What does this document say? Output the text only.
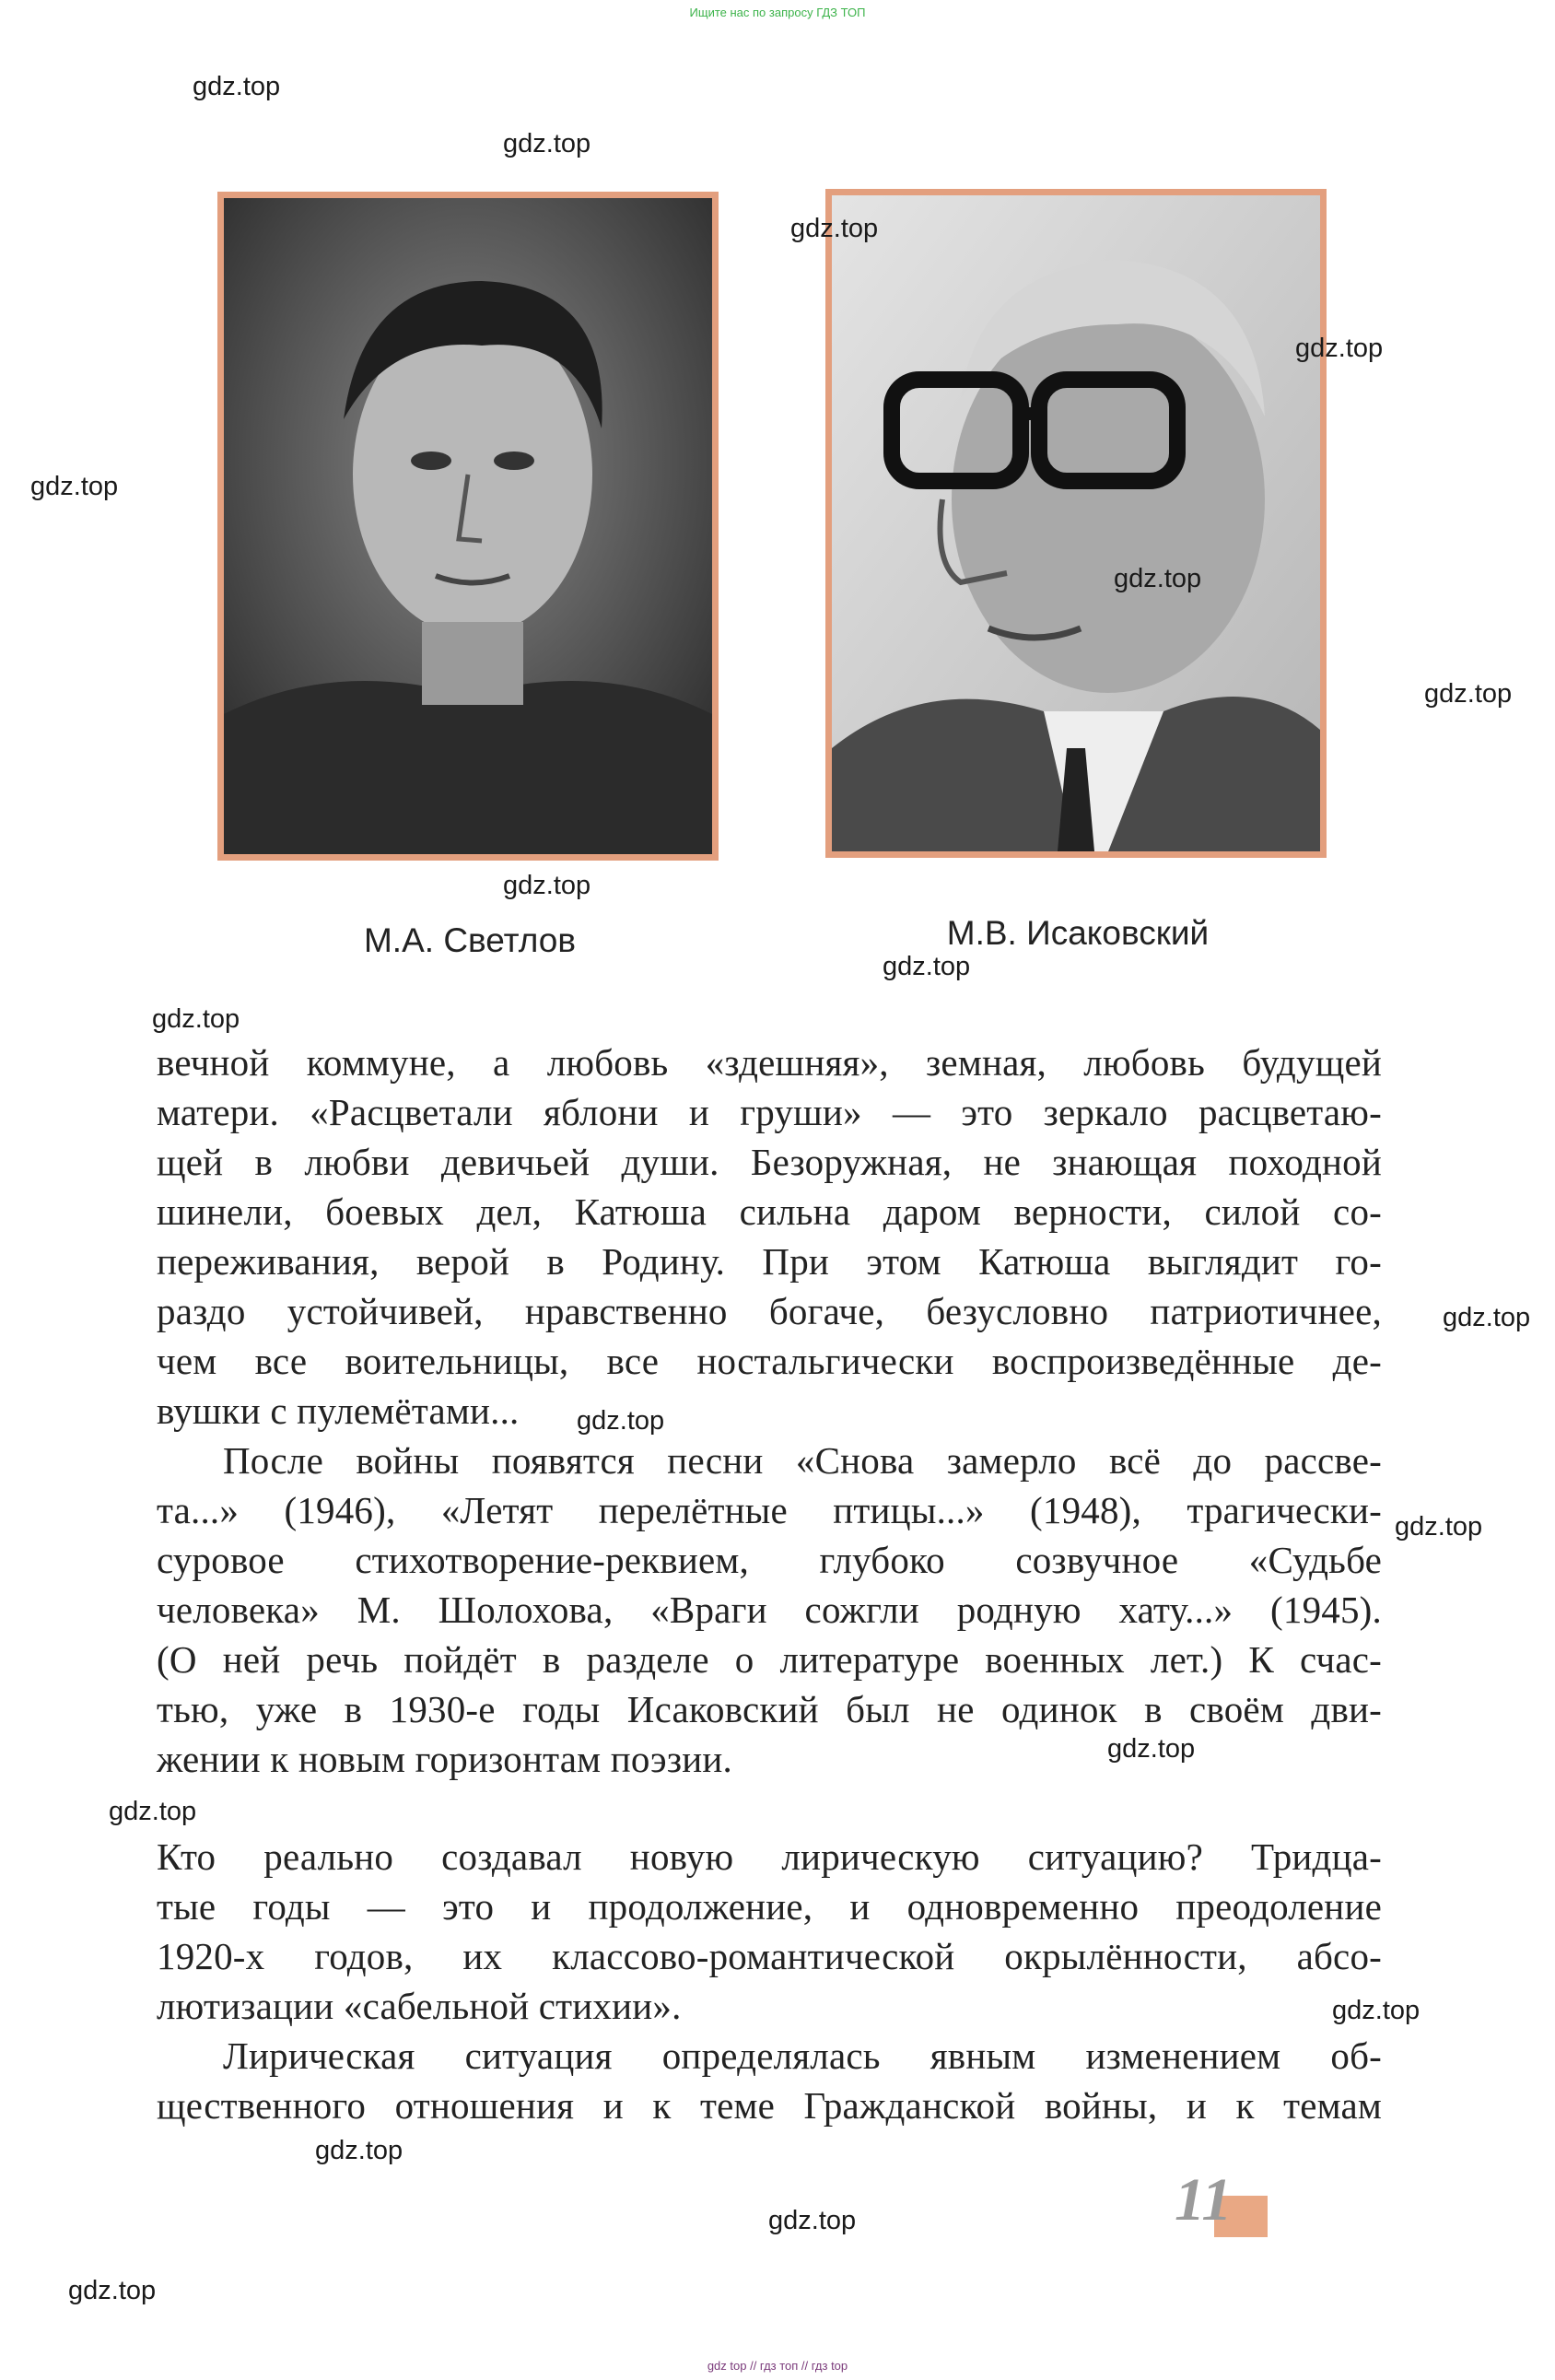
Ищите нас по запросу ГДЗ ТОП
М.А. Светлов	М.В. Исаковский
вечной коммуне, а любовь «здешняя», земная, любовь будущей
матери. «Расцветали яблони и груши» — это зеркало расцветаю-
щей в любви девичьей души. Безоружная, не знающая походной
шинели, боевых дел, Катюша сильна даром верности, силой со-
переживания, верой в Родину. При этом Катюша выглядит го-
раздо устойчивей, нравственно богаче, безусловно патриотичнее,
чем все воительницы, все ностальгически воспроизведённые де-
вушки с пулемётами...
После войны появятся песни «Снова замерло всё до рассве-
та...» (1946), «Летят перелётные птицы...» (1948), трагически-
суровое стихотворение-реквием, глубоко созвучное «Судьбе
человека» М. Шолохова, «Враги сожгли родную хату...» (1945).
(О ней речь пойдёт в разделе о литературе военных лет.) К счас-
тью, уже в 1930-е годы Исаковский был не одинок в своём дви-
жении к новым горизонтам поэзии.
Кто реально создавал новую лирическую ситуацию? Тридца-
тые годы — это и продолжение, и одновременно преодоление
1920-х годов, их классово-романтической окрылённости, абсо-
лютизации «сабельной стихии».
Лирическая ситуация определялась явным изменением об-
щественного отношения и к теме Гражданской войны, и к темам
11
gdz.top
gdz.top
gdz.top
gdz.top
gdz.top
gdz.top
gdz.top
gdz.top
gdz.top
gdz.top
gdz.top
gdz.top
gdz.top
gdz.top
gdz.top
gdz.top
gdz.top
gdz.top
gdz.top
gdz top // гдз топ // гдз top
